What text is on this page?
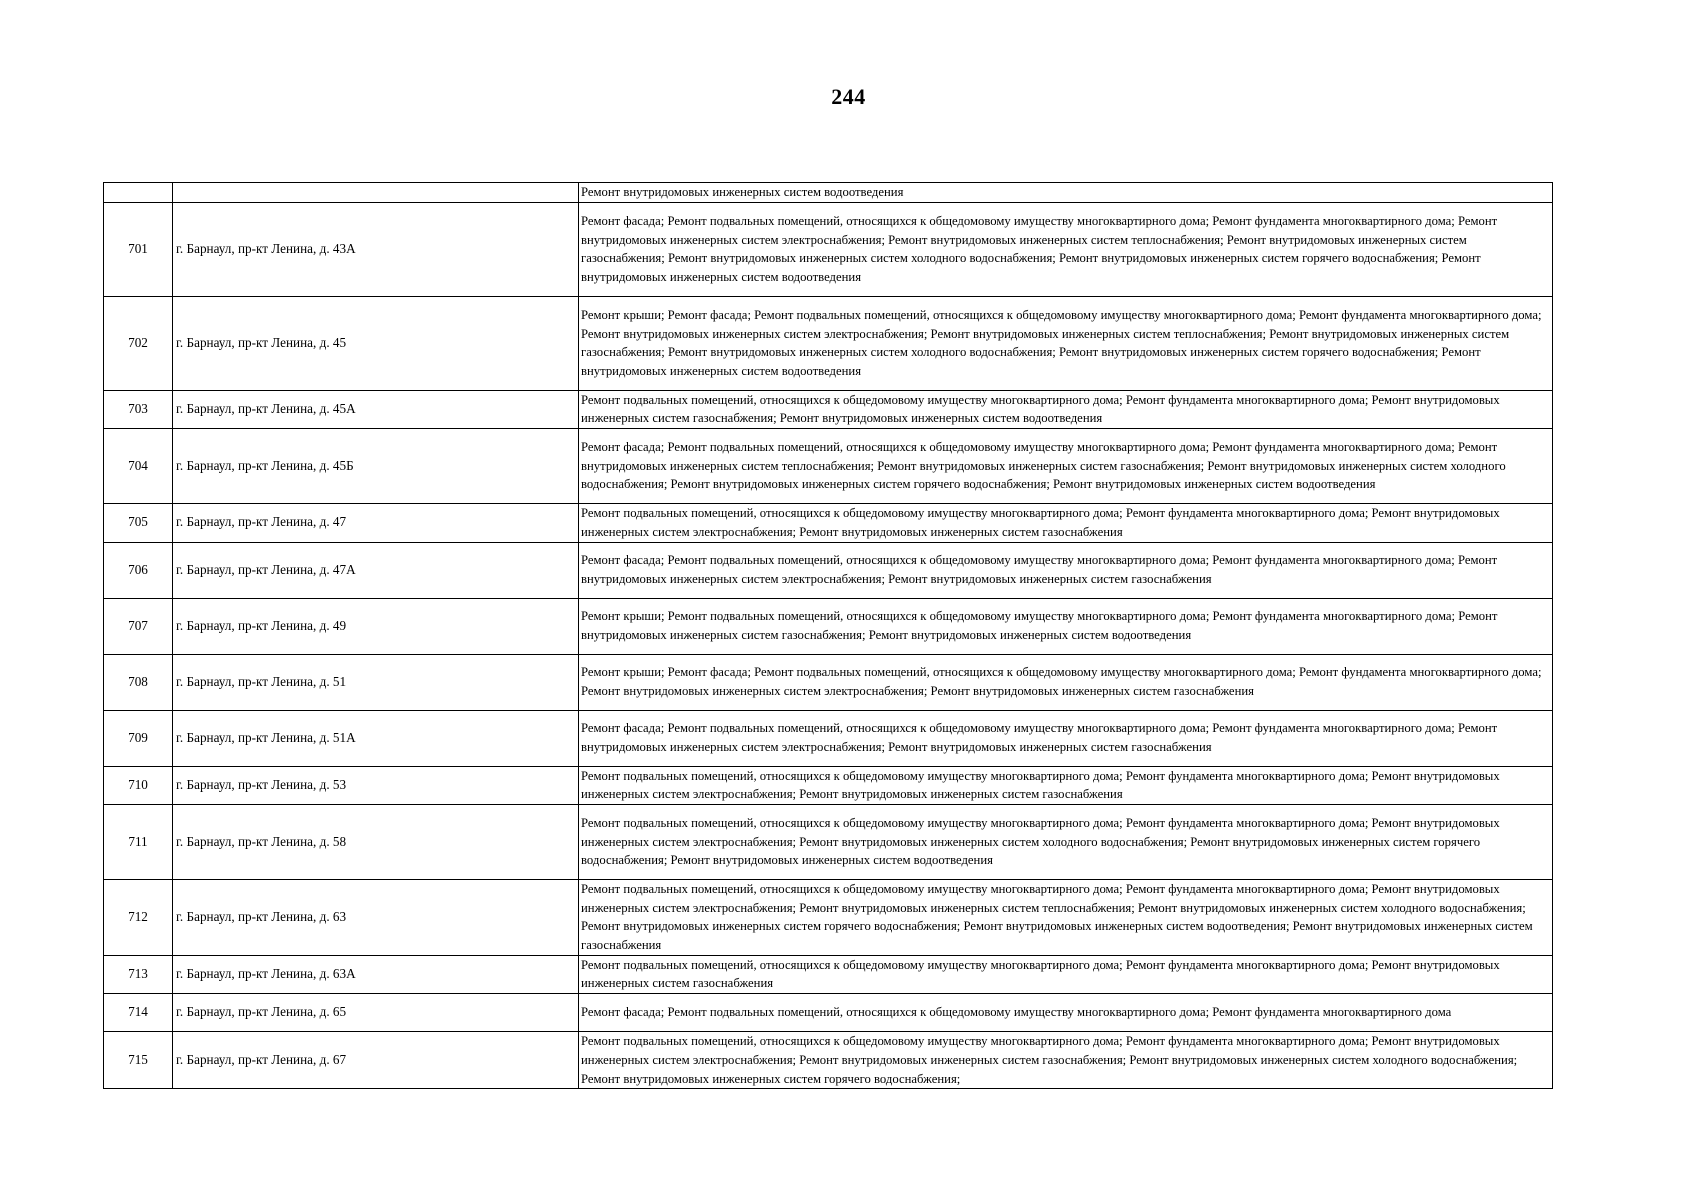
244
		Ремонт внутридомовых инженерных систем водоотведения
701	г. Барнаул, пр-кт Ленина, д. 43А	Ремонт фасада; Ремонт подвальных помещений, относящихся к общедомовому имуществу многоквартирного дома; Ремонт фундамента многоквартирного дома; Ремонт внутридомовых инженерных систем электроснабжения; Ремонт внутридомовых инженерных систем теплоснабжения; Ремонт внутридомовых инженерных систем газоснабжения; Ремонт внутридомовых инженерных систем холодного водоснабжения; Ремонт внутридомовых инженерных систем горячего водоснабжения; Ремонт внутридомовых инженерных систем водоотведения
702	г. Барнаул, пр-кт Ленина, д. 45	Ремонт крыши; Ремонт фасада; Ремонт подвальных помещений, относящихся к общедомовому имуществу многоквартирного дома; Ремонт фундамента многоквартирного дома; Ремонт внутридомовых инженерных систем электроснабжения; Ремонт внутридомовых инженерных систем теплоснабжения; Ремонт внутридомовых инженерных систем газоснабжения; Ремонт внутридомовых инженерных систем холодного водоснабжения; Ремонт внутридомовых инженерных систем горячего водоснабжения; Ремонт внутридомовых инженерных систем водоотведения
703	г. Барнаул, пр-кт Ленина, д. 45А	Ремонт подвальных помещений, относящихся к общедомовому имуществу многоквартирного дома; Ремонт фундамента многоквартирного дома; Ремонт внутридомовых инженерных систем газоснабжения; Ремонт внутридомовых инженерных систем водоотведения
704	г. Барнаул, пр-кт Ленина, д. 45Б	Ремонт фасада; Ремонт подвальных помещений, относящихся к общедомовому имуществу многоквартирного дома; Ремонт фундамента многоквартирного дома; Ремонт внутридомовых инженерных систем теплоснабжения; Ремонт внутридомовых инженерных систем газоснабжения; Ремонт внутридомовых инженерных систем холодного водоснабжения; Ремонт внутридомовых инженерных систем горячего водоснабжения; Ремонт внутридомовых инженерных систем водоотведения
705	г. Барнаул, пр-кт Ленина, д. 47	Ремонт подвальных помещений, относящихся к общедомовому имуществу многоквартирного дома; Ремонт фундамента многоквартирного дома; Ремонт внутридомовых инженерных систем электроснабжения; Ремонт внутридомовых инженерных систем газоснабжения
706	г. Барнаул, пр-кт Ленина, д. 47А	Ремонт фасада; Ремонт подвальных помещений, относящихся к общедомовому имуществу многоквартирного дома; Ремонт фундамента многоквартирного дома; Ремонт внутридомовых инженерных систем электроснабжения; Ремонт внутридомовых инженерных систем газоснабжения
707	г. Барнаул, пр-кт Ленина, д. 49	Ремонт крыши; Ремонт подвальных помещений, относящихся к общедомовому имуществу многоквартирного дома; Ремонт фундамента многоквартирного дома; Ремонт внутридомовых инженерных систем газоснабжения; Ремонт внутридомовых инженерных систем водоотведения
708	г. Барнаул, пр-кт Ленина, д. 51	Ремонт крыши; Ремонт фасада; Ремонт подвальных помещений, относящихся к общедомовому имуществу многоквартирного дома; Ремонт фундамента многоквартирного дома; Ремонт внутридомовых инженерных систем электроснабжения; Ремонт внутридомовых инженерных систем газоснабжения
709	г. Барнаул, пр-кт Ленина, д. 51А	Ремонт фасада; Ремонт подвальных помещений, относящихся к общедомовому имуществу многоквартирного дома; Ремонт фундамента многоквартирного дома; Ремонт внутридомовых инженерных систем электроснабжения; Ремонт внутридомовых инженерных систем газоснабжения
710	г. Барнаул, пр-кт Ленина, д. 53	Ремонт подвальных помещений, относящихся к общедомовому имуществу многоквартирного дома; Ремонт фундамента многоквартирного дома; Ремонт внутридомовых инженерных систем электроснабжения; Ремонт внутридомовых инженерных систем газоснабжения
711	г. Барнаул, пр-кт Ленина, д. 58	Ремонт подвальных помещений, относящихся к общедомовому имуществу многоквартирного дома; Ремонт фундамента многоквартирного дома; Ремонт внутридомовых инженерных систем электроснабжения; Ремонт внутридомовых инженерных систем холодного водоснабжения; Ремонт внутридомовых инженерных систем горячего водоснабжения; Ремонт внутридомовых инженерных систем водоотведения
712	г. Барнаул, пр-кт Ленина, д. 63	Ремонт подвальных помещений, относящихся к общедомовому имуществу многоквартирного дома; Ремонт фундамента многоквартирного дома; Ремонт внутридомовых инженерных систем электроснабжения; Ремонт внутридомовых инженерных систем теплоснабжения; Ремонт внутридомовых инженерных систем холодного водоснабжения; Ремонт внутридомовых инженерных систем горячего водоснабжения; Ремонт внутридомовых инженерных систем водоотведения; Ремонт внутридомовых инженерных систем газоснабжения
713	г. Барнаул, пр-кт Ленина, д. 63А	Ремонт подвальных помещений, относящихся к общедомовому имуществу многоквартирного дома; Ремонт фундамента многоквартирного дома; Ремонт внутридомовых инженерных систем газоснабжения
714	г. Барнаул, пр-кт Ленина, д. 65	Ремонт фасада; Ремонт подвальных помещений, относящихся к общедомовому имуществу многоквартирного дома; Ремонт фундамента многоквартирного дома
715	г. Барнаул, пр-кт Ленина, д. 67	Ремонт подвальных помещений, относящихся к общедомовому имуществу многоквартирного дома; Ремонт фундамента многоквартирного дома; Ремонт внутридомовых инженерных систем электроснабжения; Ремонт внутридомовых инженерных систем газоснабжения; Ремонт внутридомовых инженерных систем холодного водоснабжения; Ремонт внутридомовых инженерных систем горячего водоснабжения;
